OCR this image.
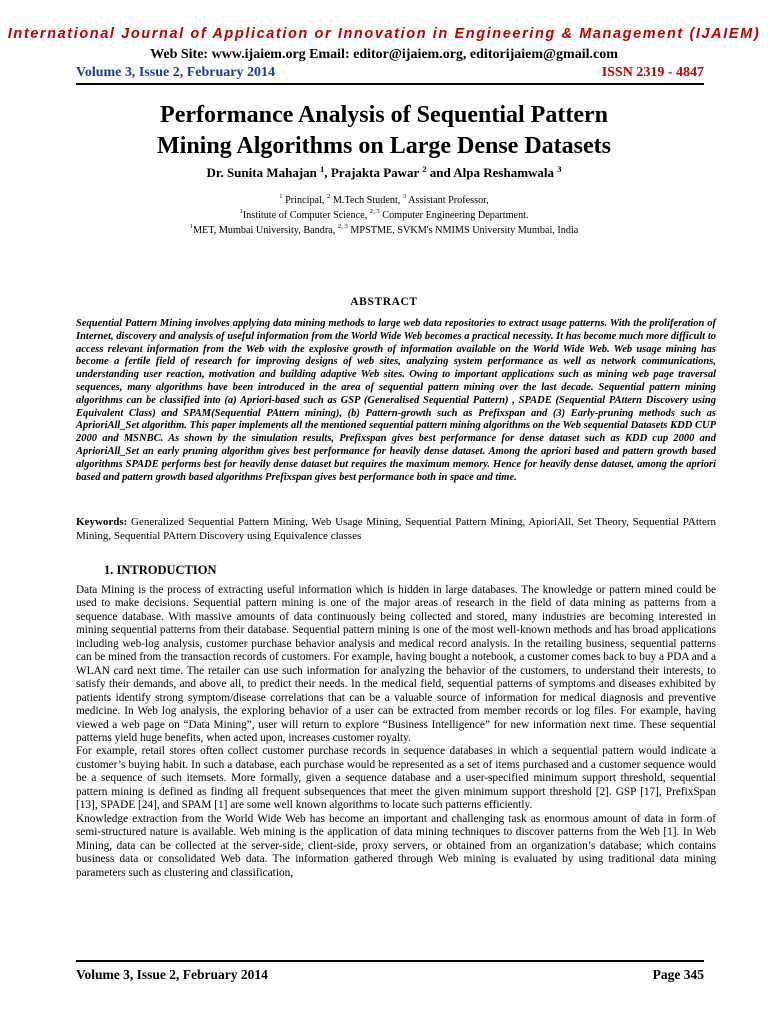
International Journal of Application or Innovation in Engineering & Management (IJAIEM)
Web Site: www.ijaiem.org Email: editor@ijaiem.org, editorijaiem@gmail.com
Volume 3, Issue 2, February 2014	ISSN 2319 - 4847
Performance Analysis of Sequential Pattern
Mining Algorithms on Large Dense Datasets
Dr. Sunita Mahajan $^1$, Prajakta Pawar $^2$ and Alpa Reshamwala $^3$
$^1$ Principal, $^2$ M.Tech Student, $^3$ Assistant Professor,
$^1$Institute of Computer Science, $^{2, 3}$ Computer Engineering Department.
$^1$MET, Mumbai University, Bandra, $^{2, 3}$ MPSTME, SVKM's NMIMS University Mumbai, India
ABSTRACT
Sequential Pattern Mining involves applying data mining methods to large web data repositories to extract usage patterns. With the proliferation of Internet, discovery and analysis of useful information from the World Wide Web becomes a practical necessity. It has become much more difficult to access relevant information from the Web with the explosive growth of information available on the World Wide Web. Web usage mining has become a fertile field of research for improving designs of web sites, analyzing system performance as well as network communications, understanding user reaction, motivation and building adaptive Web sites. Owing to important applications such as mining web page traversal sequences, many algorithms have been introduced in the area of sequential pattern mining over the last decade. Sequential pattern mining algorithms can be classified into (a) Apriori-based such as GSP (Generalised Sequential Pattern) , SPADE (Sequential PAttern Discovery using Equivalent Class) and SPAM(Sequential PAttern mining), (b) Pattern-growth such as Prefixspan and (3) Early-pruning methods such as AprioriAll_Set algorithm. This paper implements all the mentioned sequential pattern mining algorithms on the Web sequential Datasets KDD CUP 2000 and MSNBC. As shown by the simulation results, Prefixspan gives best performance for dense dataset such as KDD cup 2000 and AprioriAll_Set an early pruning algorithm gives best performance for heavily dense dataset. Among the apriori based and pattern growth based algorithms SPADE performs best for heavily dense dataset but requires the maximum memory. Hence for heavily dense dataset, among the apriori based and pattern growth based algorithms Prefixspan gives best performance both in space and time.
Keywords: Generalized Sequential Pattern Mining, Web Usage Mining, Sequential Pattern Mining, ApioriAll, Set Theory, Sequential PAttern Mining, Sequential PAttern Discovery using Equivalence classes
1. INTRODUCTION

Data Mining is the process of extracting useful information which is hidden in large databases. The knowledge or pattern mined could be used to make decisions. Sequential pattern mining is one of the major areas of research in the field of data mining as patterns from a sequence database. With massive amounts of data continuously being collected and stored, many industries are becoming interested in mining sequential patterns from their database. Sequential pattern mining is one of the most well-known methods and has broad applications including web-log analysis, customer purchase behavior analysis and medical record analysis. In the retailing business, sequential patterns can be mined from the transaction records of customers. For example, having bought a notebook, a customer comes back to buy a PDA and a WLAN card next time. The retailer can use such information for analyzing the behavior of the customers, to understand their interests, to satisfy their demands, and above all, to predict their needs. In the medical field, sequential patterns of symptoms and diseases exhibited by patients identify strong symptom/disease correlations that can be a valuable source of information for medical diagnosis and preventive medicine. In Web log analysis, the exploring behavior of a user can be extracted from member records or log files. For example, having viewed a web page on “Data Mining”, user will return to explore “Business Intelligence” for new information next time. These sequential patterns yield huge benefits, when acted upon, increases customer royalty.

For example, retail stores often collect customer purchase records in sequence databases in which a sequential pattern would indicate a customer’s buying habit. In such a database, each purchase would be represented as a set of items purchased and a customer sequence would be a sequence of such itemsets. More formally, given a sequence database and a user-specified minimum support threshold, sequential pattern mining is defined as finding all frequent subsequences that meet the given minimum support threshold [2]. GSP [17], PrefixSpan [13], SPADE [24], and SPAM [1] are some well known algorithms to locate such patterns efficiently.

Knowledge extraction from the World Wide Web has become an important and challenging task as enormous amount of data in form of semi-structured nature is available. Web mining is the application of data mining techniques to discover patterns from the Web [1]. In Web Mining, data can be collected at the server-side, client-side, proxy servers, or obtained from an organization’s database; which contains business data or consolidated Web data. The information gathered through Web mining is evaluated by using traditional data mining parameters such as clustering and classification,

Volume 3, Issue 2, February 2014	Page 345
